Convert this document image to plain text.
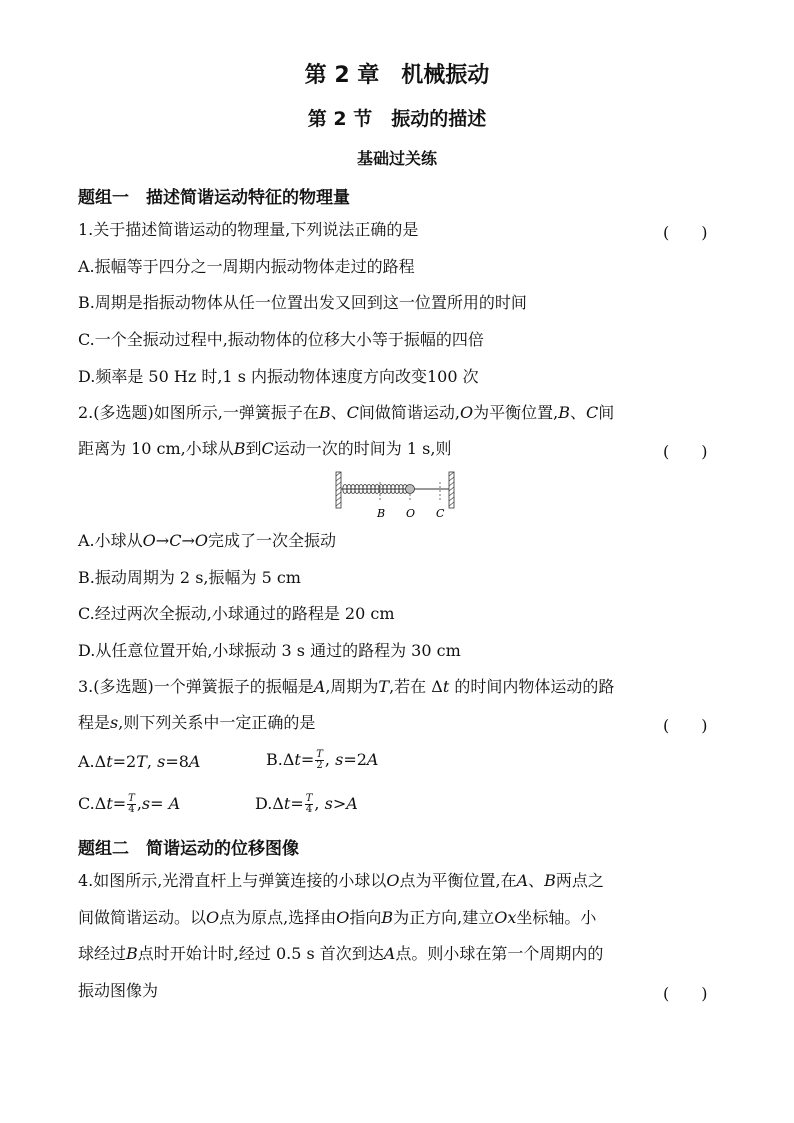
第 2 章　机械振动
第 2 节　振动的描述
基础过关练
题组一　描述简谐运动特征的物理量
1.关于描述简谐运动的物理量,下列说法正确的是	(　　)
A.振幅等于四分之一周期内振动物体走过的路程
B.周期是指振动物体从任一位置出发又回到这一位置所用的时间
C.一个全振动过程中,振动物体的位移大小等于振幅的四倍
D.频率是 50 Hz 时,1 s 内振动物体速度方向改变100 次
2.(多选题)如图所示,一弹簧振子在B、C间做简谐运动,O为平衡位置,B、C间
距离为 10 cm,小球从B到C运动一次的时间为 1 s,则	(　　)
B O C
A.小球从O→C→O完成了一次全振动
B.振动周期为 2 s,振幅为 5 cm
C.经过两次全振动,小球通过的路程是 20 cm
D.从任意位置开始,小球振动 3 s 通过的路程为 30 cm
3.(多选题)一个弹簧振子的振幅是A,周期为T,若在 Δt 的时间内物体运动的路
程是s,则下列关系中一定正确的是	(　　)
A.Δt=2T, s=8A	$B.\Delta t= \frac{T}{2}$ , s=2A
$C.\Delta t= \frac{T}{4} ,s= A$	$D.\Delta t= \frac{T}{4}$ , s>A
题组二　简谐运动的位移图像
4.如图所示,光滑直杆上与弹簧连接的小球以O点为平衡位置,在A、B两点之
间做简谐运动。以O点为原点,选择由O指向B为正方向,建立Ox坐标轴。小
球经过B点时开始计时,经过 0.5 s 首次到达A点。则小球在第一个周期内的
振动图像为	(　　)
